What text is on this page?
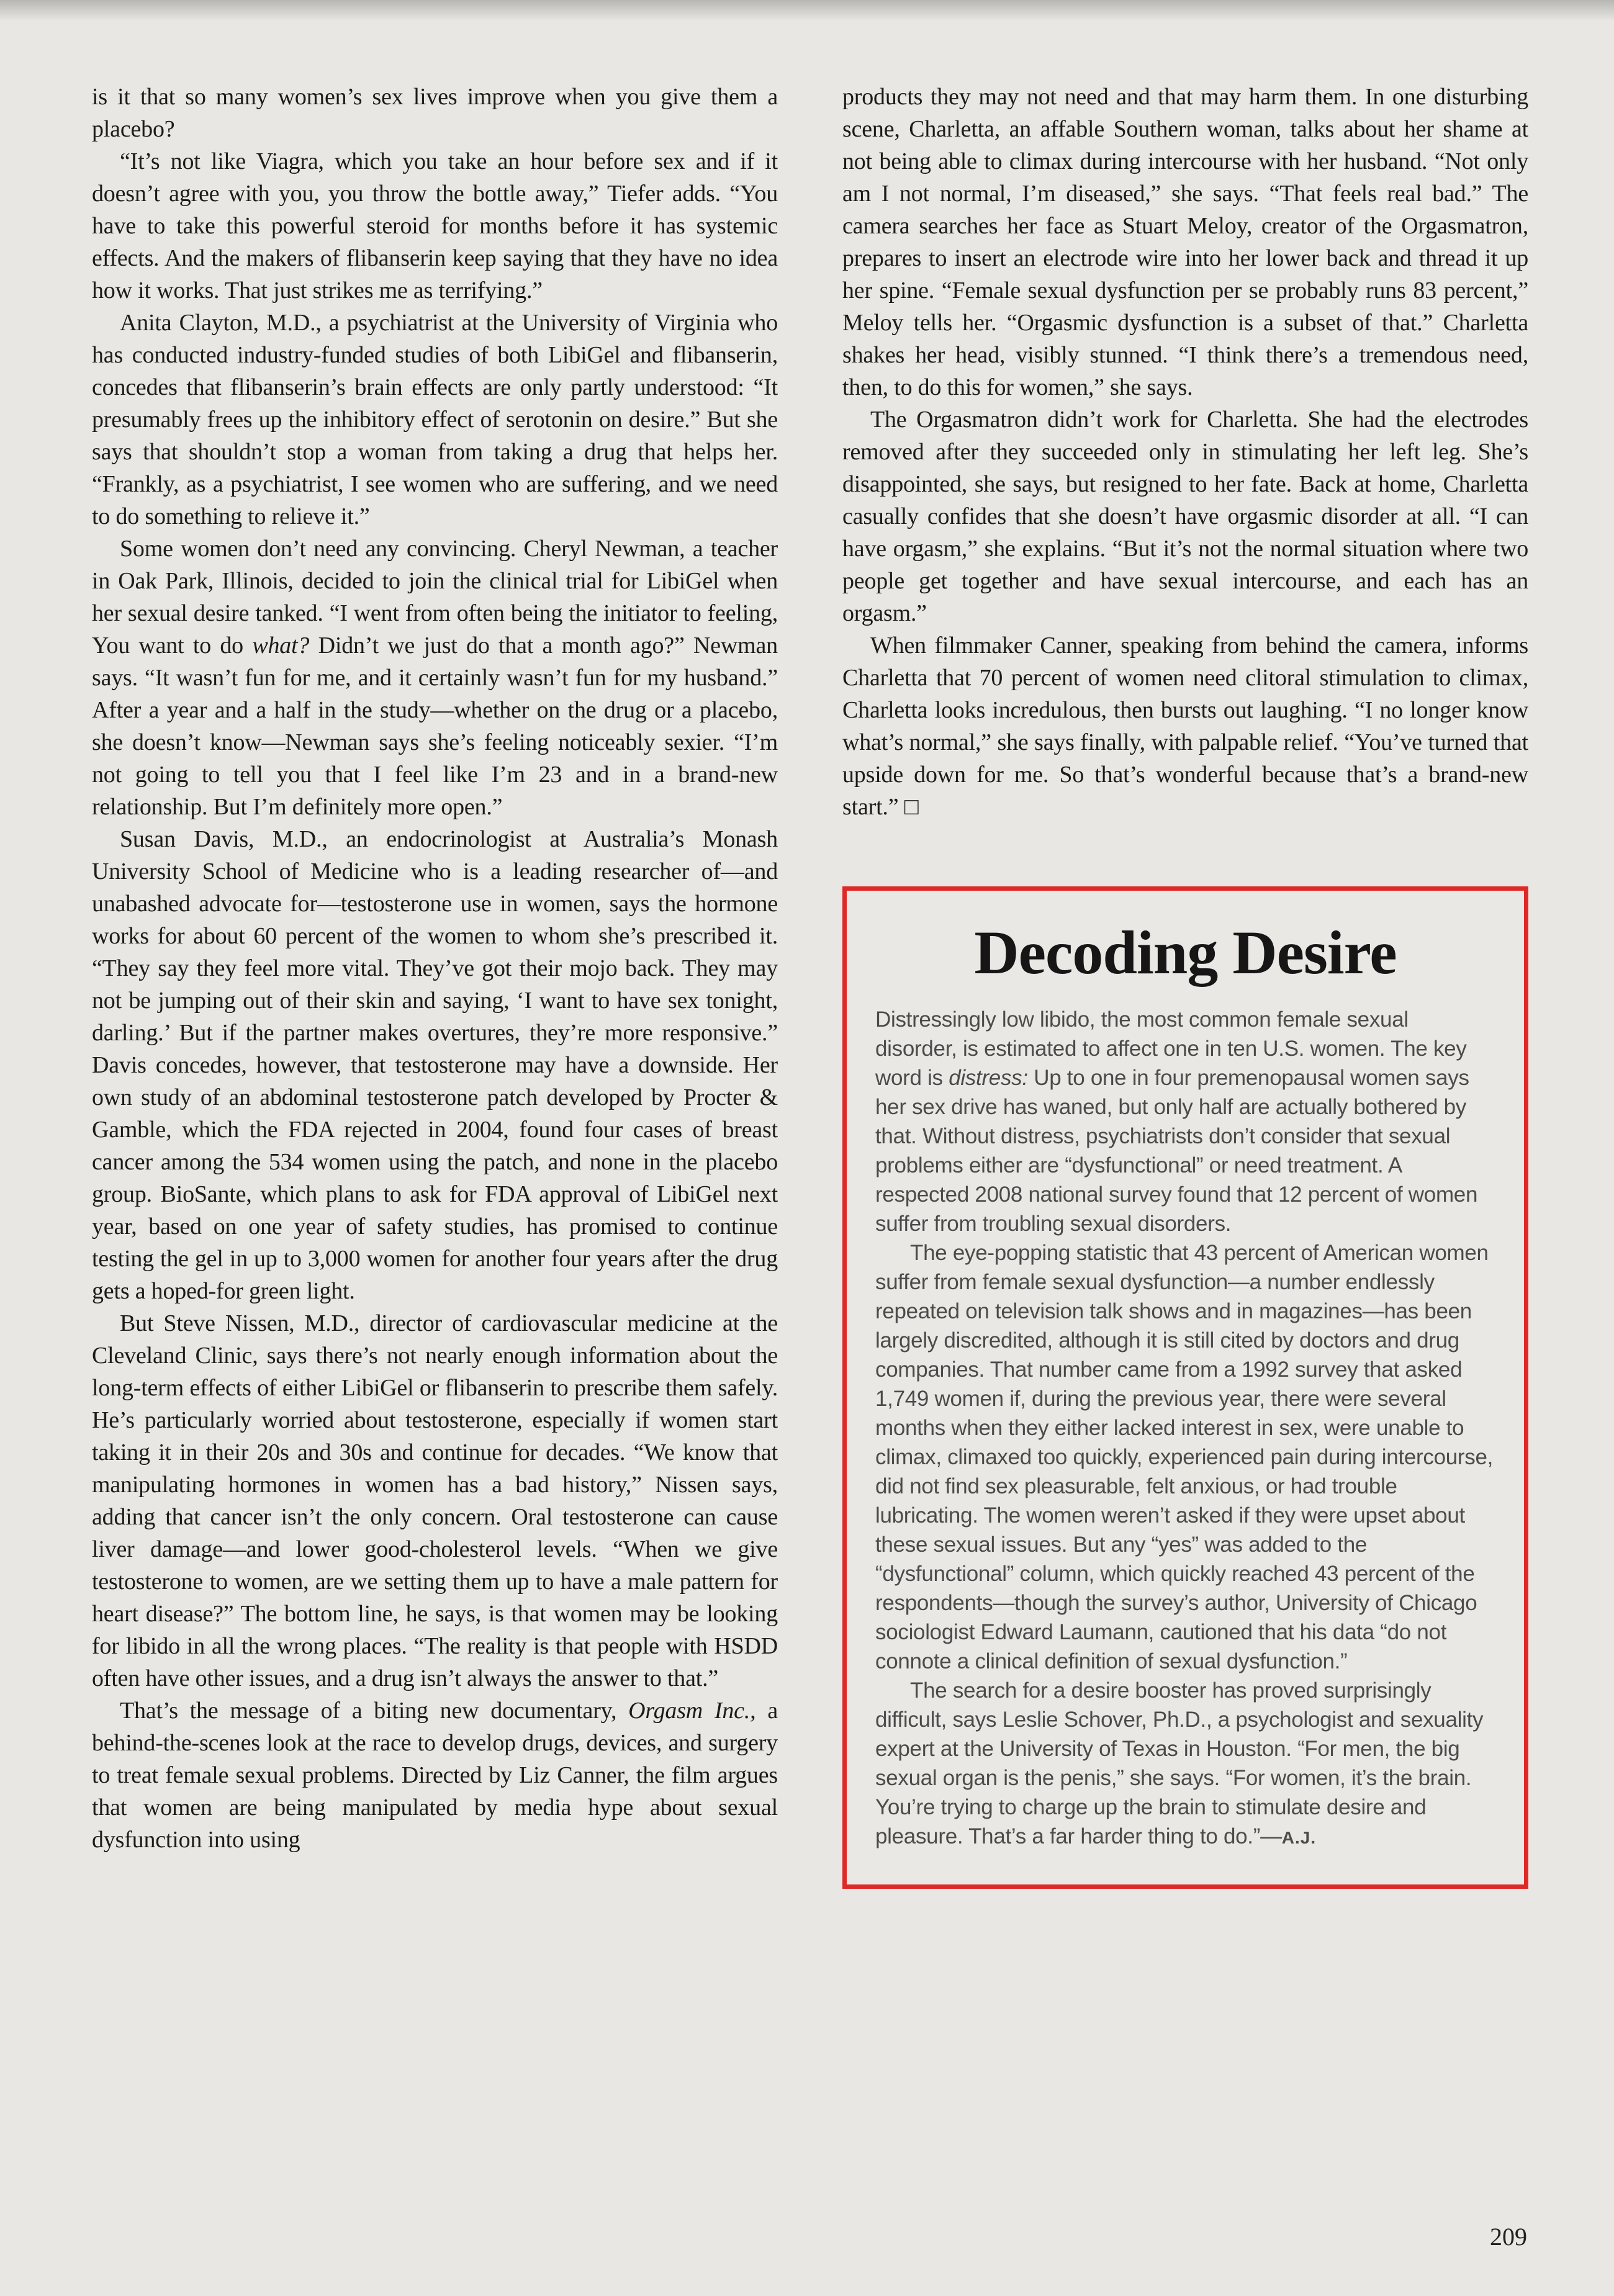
is it that so many women’s sex lives improve when you give them a placebo?

“It’s not like Viagra, which you take an hour before sex and if it doesn’t agree with you, you throw the bottle away,” Tiefer adds. “You have to take this powerful steroid for months before it has systemic effects. And the makers of flibanserin keep saying that they have no idea how it works. That just strikes me as terrifying.”

Anita Clayton, M.D., a psychiatrist at the University of Virginia who has conducted industry-funded studies of both LibiGel and flibanserin, concedes that flibanserin’s brain effects are only partly understood: “It presumably frees up the inhibitory effect of serotonin on desire.” But she says that shouldn’t stop a woman from taking a drug that helps her. “Frankly, as a psychiatrist, I see women who are suffering, and we need to do something to relieve it.”

Some women don’t need any convincing. Cheryl Newman, a teacher in Oak Park, Illinois, decided to join the clinical trial for LibiGel when her sexual desire tanked. “I went from often being the initiator to feeling, You want to do what? Didn’t we just do that a month ago?” Newman says. “It wasn’t fun for me, and it certainly wasn’t fun for my husband.” After a year and a half in the study—whether on the drug or a placebo, she doesn’t know—Newman says she’s feeling noticeably sexier. “I’m not going to tell you that I feel like I’m 23 and in a brand-new relationship. But I’m definitely more open.”

Susan Davis, M.D., an endocrinologist at Australia’s Monash University School of Medicine who is a leading researcher of—and unabashed advocate for—testosterone use in women, says the hormone works for about 60 percent of the women to whom she’s prescribed it. “They say they feel more vital. They’ve got their mojo back. They may not be jumping out of their skin and saying, ‘I want to have sex tonight, darling.’ But if the partner makes overtures, they’re more responsive.” Davis concedes, however, that testosterone may have a downside. Her own study of an abdominal testosterone patch developed by Procter & Gamble, which the FDA rejected in 2004, found four cases of breast cancer among the 534 women using the patch, and none in the placebo group. BioSante, which plans to ask for FDA approval of LibiGel next year, based on one year of safety studies, has promised to continue testing the gel in up to 3,000 women for another four years after the drug gets a hoped-for green light.

But Steve Nissen, M.D., director of cardiovascular medicine at the Cleveland Clinic, says there’s not nearly enough information about the long-term effects of either LibiGel or flibanserin to prescribe them safely. He’s particularly worried about testosterone, especially if women start taking it in their 20s and 30s and continue for decades. “We know that manipulating hormones in women has a bad history,” Nissen says, adding that cancer isn’t the only concern. Oral testosterone can cause liver damage—and lower good-cholesterol levels. “When we give testosterone to women, are we setting them up to have a male pattern for heart disease?” The bottom line, he says, is that women may be looking for libido in all the wrong places. “The reality is that people with HSDD often have other issues, and a drug isn’t always the answer to that.”

That’s the message of a biting new documentary, Orgasm Inc., a behind-the-scenes look at the race to develop drugs, devices, and surgery to treat female sexual problems. Directed by Liz Canner, the film argues that women are being manipulated by media hype about sexual dysfunction into using

products they may not need and that may harm them. In one disturbing scene, Charletta, an affable Southern woman, talks about her shame at not being able to climax during intercourse with her husband. “Not only am I not normal, I’m diseased,” she says. “That feels real bad.” The camera searches her face as Stuart Meloy, creator of the Orgasmatron, prepares to insert an electrode wire into her lower back and thread it up her spine. “Female sexual dysfunction per se probably runs 83 percent,” Meloy tells her. “Orgasmic dysfunction is a subset of that.” Charletta shakes her head, visibly stunned. “I think there’s a tremendous need, then, to do this for women,” she says.

The Orgasmatron didn’t work for Charletta. She had the electrodes removed after they succeeded only in stimulating her left leg. She’s disappointed, she says, but resigned to her fate. Back at home, Charletta casually confides that she doesn’t have orgasmic disorder at all. “I can have orgasm,” she explains. “But it’s not the normal situation where two people get together and have sexual intercourse, and each has an orgasm.”

When filmmaker Canner, speaking from behind the camera, informs Charletta that 70 percent of women need clitoral stimulation to climax, Charletta looks incredulous, then bursts out laughing. “I no longer know what’s normal,” she says finally, with palpable relief. “You’ve turned that upside down for me. So that’s wonderful because that’s a brand-new start.” □

Decoding Desire

Distressingly low libido, the most common female sexual disorder, is estimated to affect one in ten U.S. women. The key word is distress: Up to one in four premenopausal women says her sex drive has waned, but only half are actually bothered by that. Without distress, psychiatrists don’t consider that sexual problems either are “dysfunctional” or need treatment. A respected 2008 national survey found that 12 percent of women suffer from troubling sexual disorders.

The eye-popping statistic that 43 percent of American women suffer from female sexual dysfunction—a number endlessly repeated on television talk shows and in magazines—has been largely discredited, although it is still cited by doctors and drug companies. That number came from a 1992 survey that asked 1,749 women if, during the previous year, there were several months when they either lacked interest in sex, were unable to climax, climaxed too quickly, experienced pain during intercourse, did not find sex pleasurable, felt anxious, or had trouble lubricating. The women weren’t asked if they were upset about these sexual issues. But any “yes” was added to the “dysfunctional” column, which quickly reached 43 percent of the respondents—though the survey’s author, University of Chicago sociologist Edward Laumann, cautioned that his data “do not connote a clinical definition of sexual dysfunction.”

The search for a desire booster has proved surprisingly difficult, says Leslie Schover, Ph.D., a psychologist and sexuality expert at the University of Texas in Houston. “For men, the big sexual organ is the penis,” she says. “For women, it’s the brain. You’re trying to charge up the brain to stimulate desire and pleasure. That’s a far harder thing to do.”—A.J.

209
